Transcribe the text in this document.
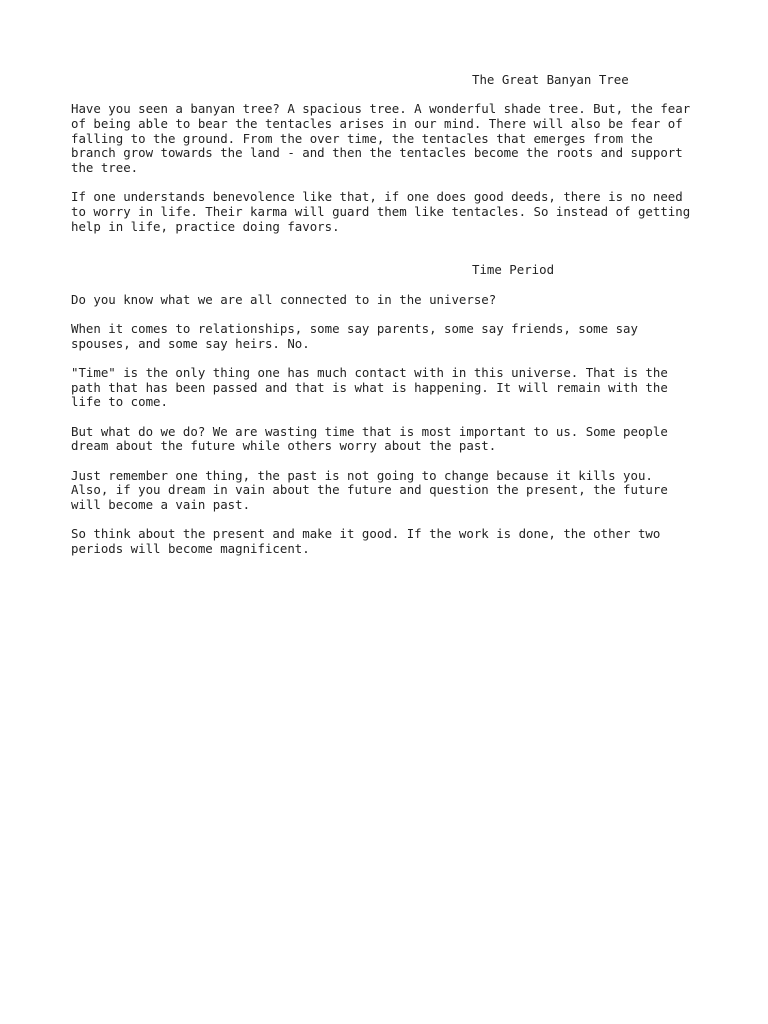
The Great Banyan Tree
Have you seen a banyan tree? A spacious tree. A wonderful shade tree. But, the fear
of being able to bear the tentacles arises in our mind. There will also be fear of
falling to the ground. From the over time, the tentacles that emerges from the
branch grow towards the land - and then the tentacles become the roots and support
the tree.
If one understands benevolence like that, if one does good deeds, there is no need
to worry in life. Their karma will guard them like tentacles. So instead of getting
help in life, practice doing favors.
Time Period
Do you know what we are all connected to in the universe?
When it comes to relationships, some say parents, some say friends, some say
spouses, and some say heirs. No.
"Time" is the only thing one has much contact with in this universe. That is the
path that has been passed and that is what is happening. It will remain with the
life to come.
But what do we do? We are wasting time that is most important to us. Some people
dream about the future while others worry about the past.
Just remember one thing, the past is not going to change because it kills you.
Also, if you dream in vain about the future and question the present, the future
will become a vain past.
So think about the present and make it good. If the work is done, the other two
periods will become magnificent.
